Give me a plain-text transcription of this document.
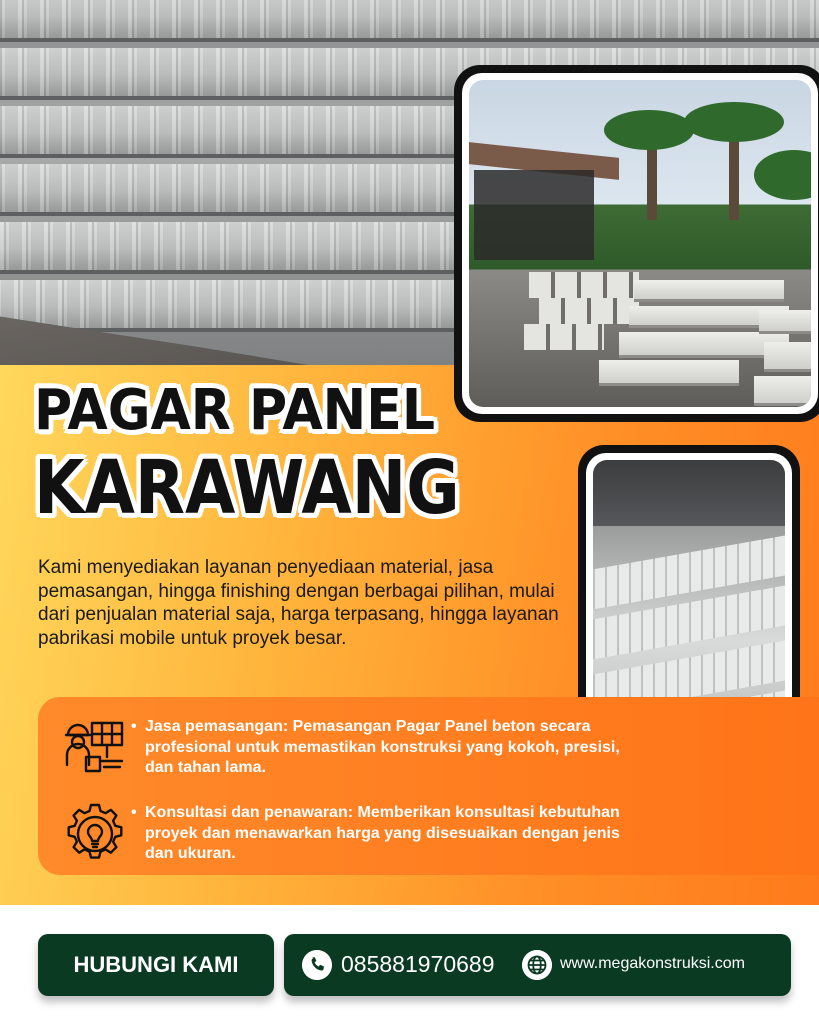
PAGAR PANEL
KARAWANG

Kami menyediakan layanan penyediaan material, jasa pemasangan, hingga finishing dengan berbagai pilihan, mulai dari penjualan material saja, harga terpasang, hingga layanan pabrikasi mobile untuk proyek besar.

• Jasa pemasangan: Pemasangan Pagar Panel beton secara profesional untuk memastikan konstruksi yang kokoh, presisi, dan tahan lama.
• Konsultasi dan penawaran: Memberikan konsultasi kebutuhan proyek dan menawarkan harga yang disesuaikan dengan jenis dan ukuran.
HUBUNGI KAMI	085881970689	www.megakonstruksi.com
